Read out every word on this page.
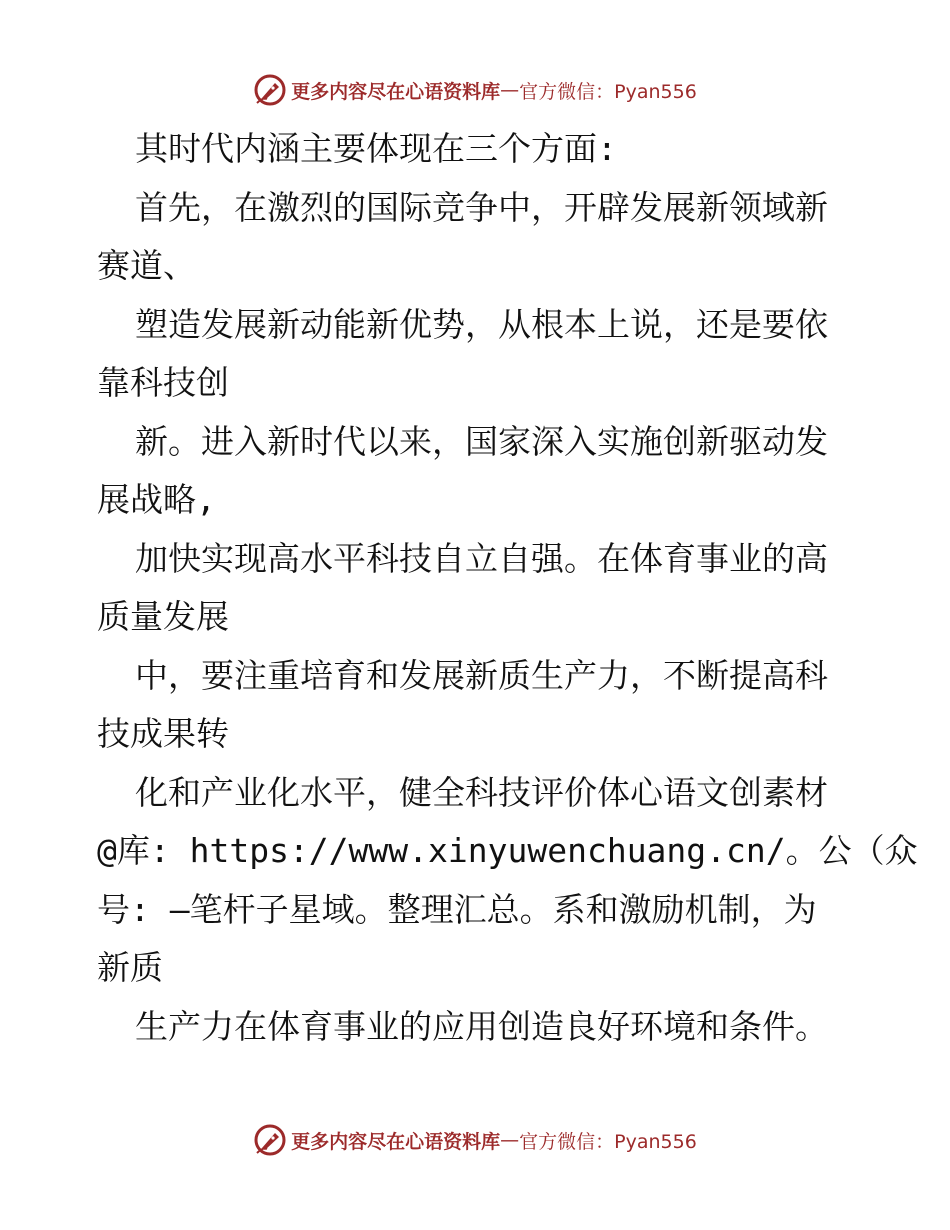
更多内容尽在心语资料库 — 官方微信：Pyan556
其时代内涵主要体现在三个方面:
首先，在激烈的国际竞争中，开辟发展新领域新
赛道、
塑造发展新动能新优势，从根本上说，还是要依
靠科技创
新。进入新时代以来，国家深入实施创新驱动发
展战略,
加快实现高水平科技自立自强。在体育事业的高
质量发展
中，要注重培育和发展新质生产力，不断提高科
技成果转
化和产业化水平，健全科技评价体心语文创素材
@库: https://www.xinyuwenchuang.cn/。公（众
号: —笔杆子星域。整理汇总。系和激励机制，为
新质
生产力在体育事业的应用创造良好环境和条件。
更多内容尽在心语资料库 — 官方微信：Pyan556
